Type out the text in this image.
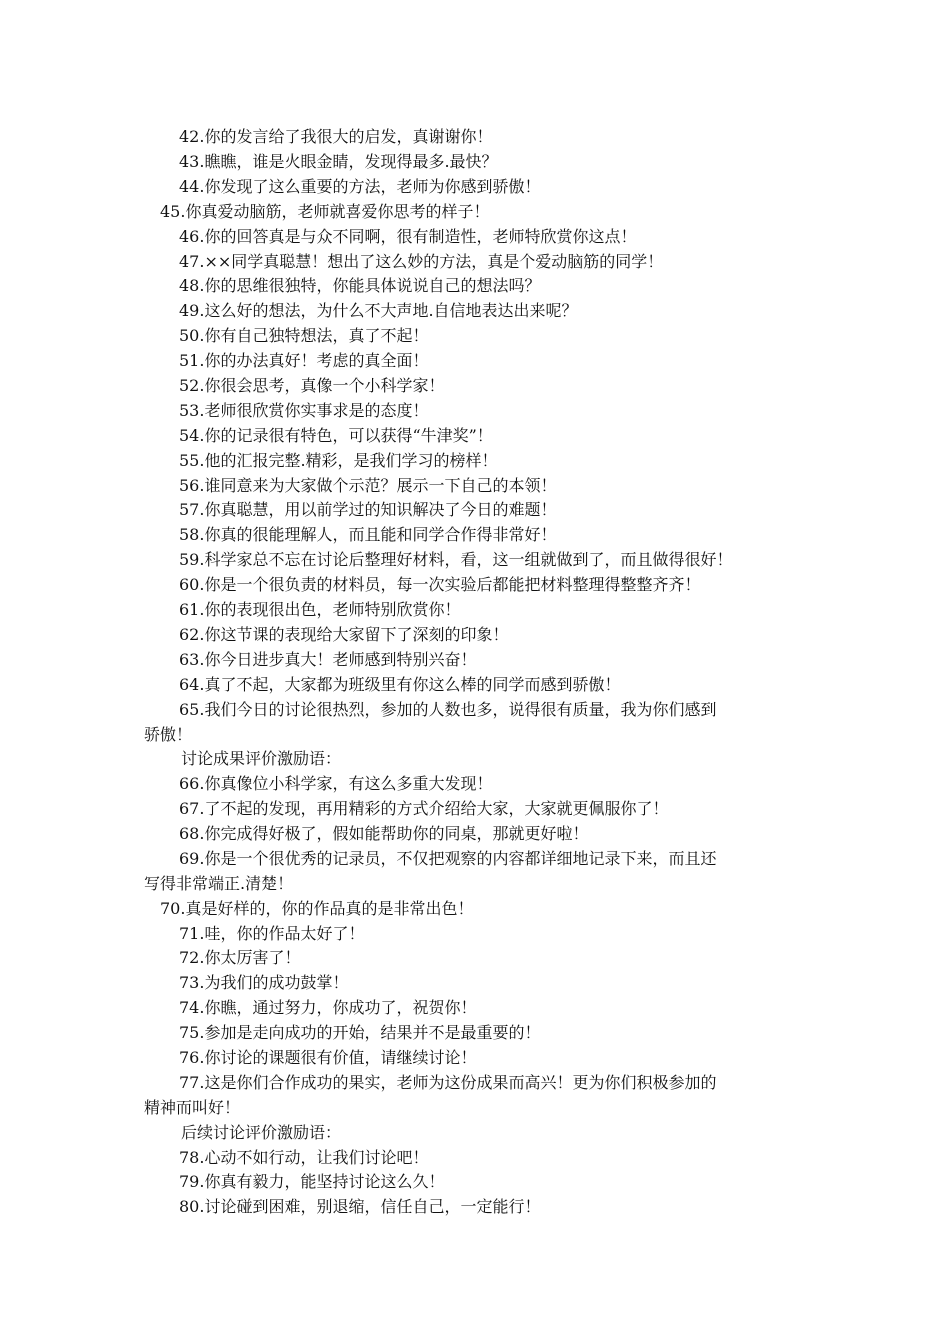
42.你的发言给了我很大的启发，真谢谢你！
43.瞧瞧，谁是火眼金睛，发现得最多.最快？
44.你发现了这么重要的方法，老师为你感到骄傲！
45.你真爱动脑筋，老师就喜爱你思考的样子！
46.你的回答真是与众不同啊，很有制造性，老师特欣赏你这点！
47.××同学真聪慧！想出了这么妙的方法，真是个爱动脑筋的同学！
48.你的思维很独特，你能具体说说自己的想法吗？
49.这么好的想法，为什么不大声地.自信地表达出来呢？
50.你有自己独特想法，真了不起！
51.你的办法真好！考虑的真全面！
52.你很会思考，真像一个小科学家！
53.老师很欣赏你实事求是的态度！
54.你的记录很有特色，可以获得“牛津奖”！
55.他的汇报完整.精彩，是我们学习的榜样！
56.谁同意来为大家做个示范？展示一下自己的本领！
57.你真聪慧，用以前学过的知识解决了今日的难题！
58.你真的很能理解人，而且能和同学合作得非常好！
59.科学家总不忘在讨论后整理好材料，看，这一组就做到了，而且做得很好！
60.你是一个很负责的材料员，每一次实验后都能把材料整理得整整齐齐！
61.你的表现很出色，老师特别欣赏你！
62.你这节课的表现给大家留下了深刻的印象！
63.你今日进步真大！老师感到特别兴奋！
64.真了不起，大家都为班级里有你这么棒的同学而感到骄傲！
65.我们今日的讨论很热烈，参加的人数也多，说得很有质量，我为你们感到
骄傲！
讨论成果评价激励语：
66.你真像位小科学家，有这么多重大发现！
67.了不起的发现，再用精彩的方式介绍给大家，大家就更佩服你了！
68.你完成得好极了，假如能帮助你的同桌，那就更好啦！
69.你是一个很优秀的记录员，不仅把观察的内容都详细地记录下来，而且还
写得非常端正.清楚！
70.真是好样的，你的作品真的是非常出色！
71.哇，你的作品太好了！
72.你太厉害了！
73.为我们的成功鼓掌！
74.你瞧，通过努力，你成功了，祝贺你！
75.参加是走向成功的开始，结果并不是最重要的！
76.你讨论的课题很有价值，请继续讨论！
77.这是你们合作成功的果实，老师为这份成果而高兴！更为你们积极参加的
精神而叫好！
后续讨论评价激励语：
78.心动不如行动，让我们讨论吧！
79.你真有毅力，能坚持讨论这么久！
80.讨论碰到困难，别退缩，信任自己，一定能行！
